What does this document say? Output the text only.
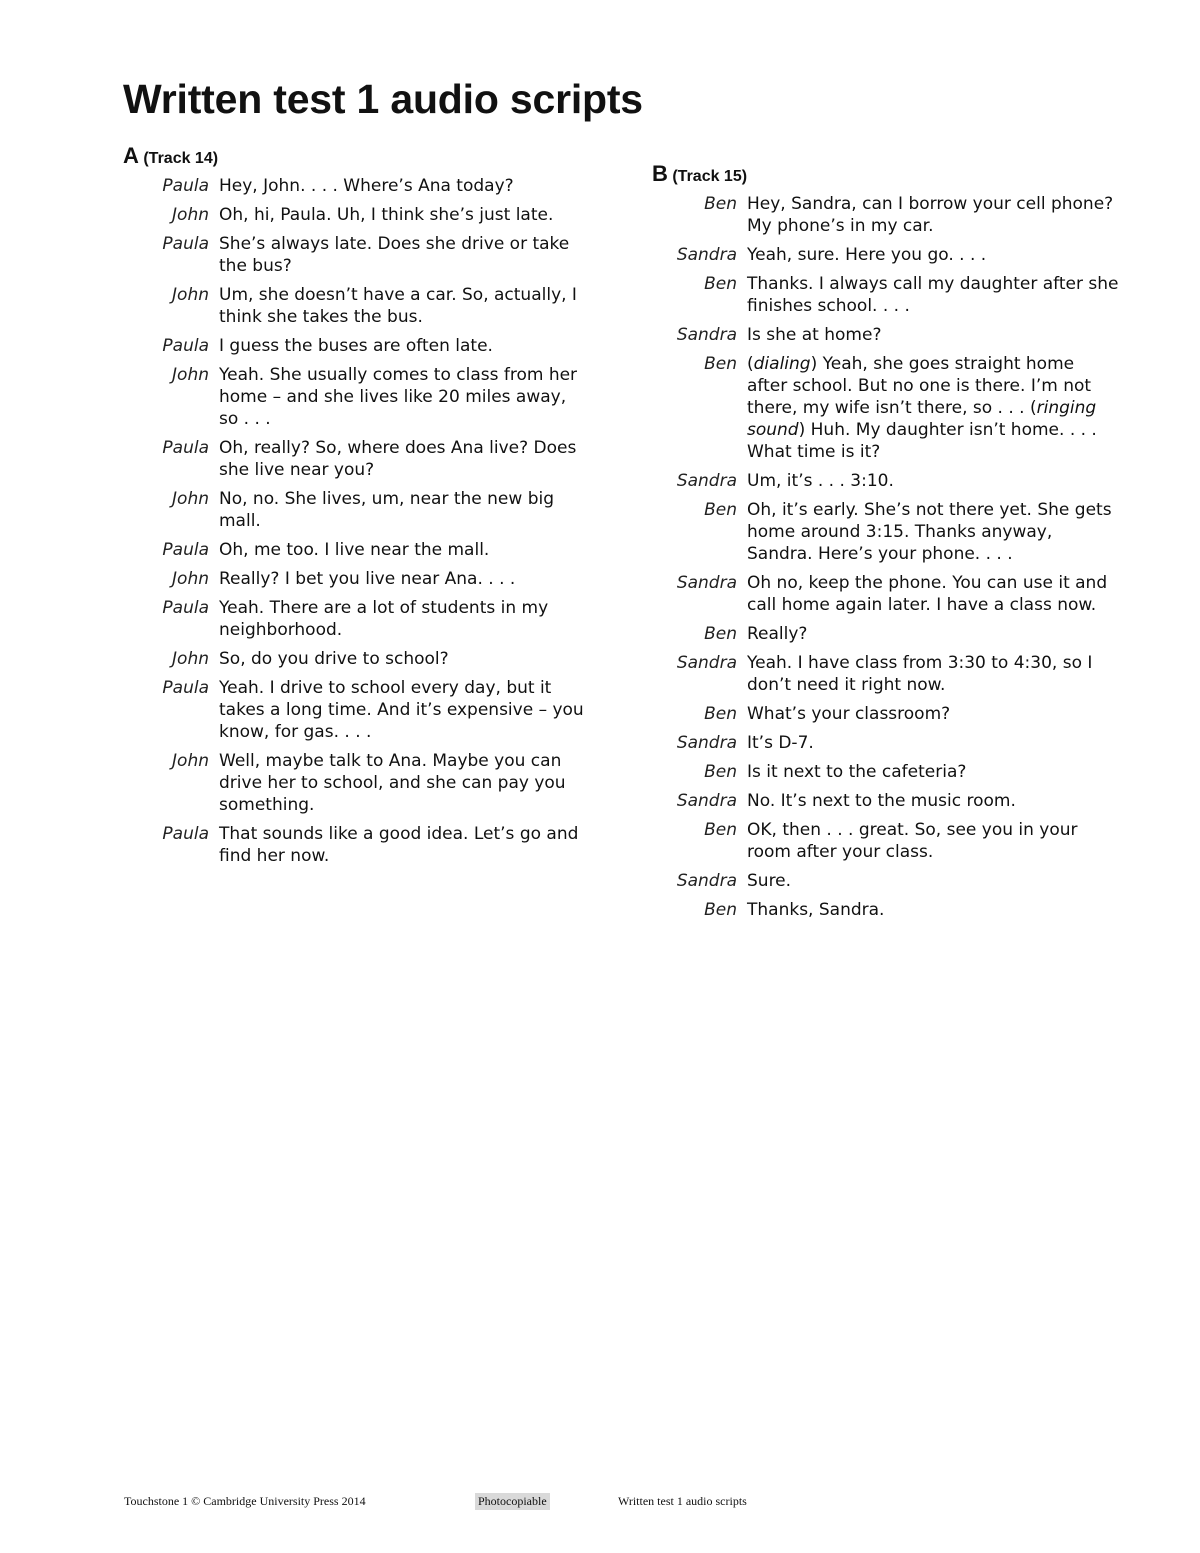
Written test 1 audio scripts
A (Track 14)
Paula Hey, John. . . . Where’s Ana today?
John Oh, hi, Paula. Uh, I think she’s just late.
Paula She’s always late. Does she drive or take the bus?
John Um, she doesn’t have a car. So, actually, I think she takes the bus.
Paula I guess the buses are often late.
John Yeah. She usually comes to class from her home – and she lives like 20 miles away, so . . .
Paula Oh, really? So, where does Ana live? Does she live near you?
John No, no. She lives, um, near the new big mall.
Paula Oh, me too. I live near the mall.
John Really? I bet you live near Ana. . . .
Paula Yeah. There are a lot of students in my neighborhood.
John So, do you drive to school?
Paula Yeah. I drive to school every day, but it takes a long time. And it’s expensive – you know, for gas. . . .
John Well, maybe talk to Ana. Maybe you can drive her to school, and she can pay you something.
Paula That sounds like a good idea. Let’s go and find her now.
B (Track 15)
Ben Hey, Sandra, can I borrow your cell phone? My phone’s in my car.
Sandra Yeah, sure. Here you go. . . .
Ben Thanks. I always call my daughter after she finishes school. . . .
Sandra Is she at home?
Ben (dialing) Yeah, she goes straight home after school. But no one is there. I’m not there, my wife isn’t there, so . . . (ringing sound) Huh. My daughter isn’t home. . . . What time is it?
Sandra Um, it’s . . . 3:10.
Ben Oh, it’s early. She’s not there yet. She gets home around 3:15. Thanks anyway, Sandra. Here’s your phone. . . .
Sandra Oh no, keep the phone. You can use it and call home again later. I have a class now.
Ben Really?
Sandra Yeah. I have class from 3:30 to 4:30, so I don’t need it right now.
Ben What’s your classroom?
Sandra It’s D-7.
Ben Is it next to the cafeteria?
Sandra No. It’s next to the music room.
Ben OK, then . . . great. So, see you in your room after your class.
Sandra Sure.
Ben Thanks, Sandra.
Touchstone 1 © Cambridge University Press 2014	Photocopiable	Written test 1 audio scripts
